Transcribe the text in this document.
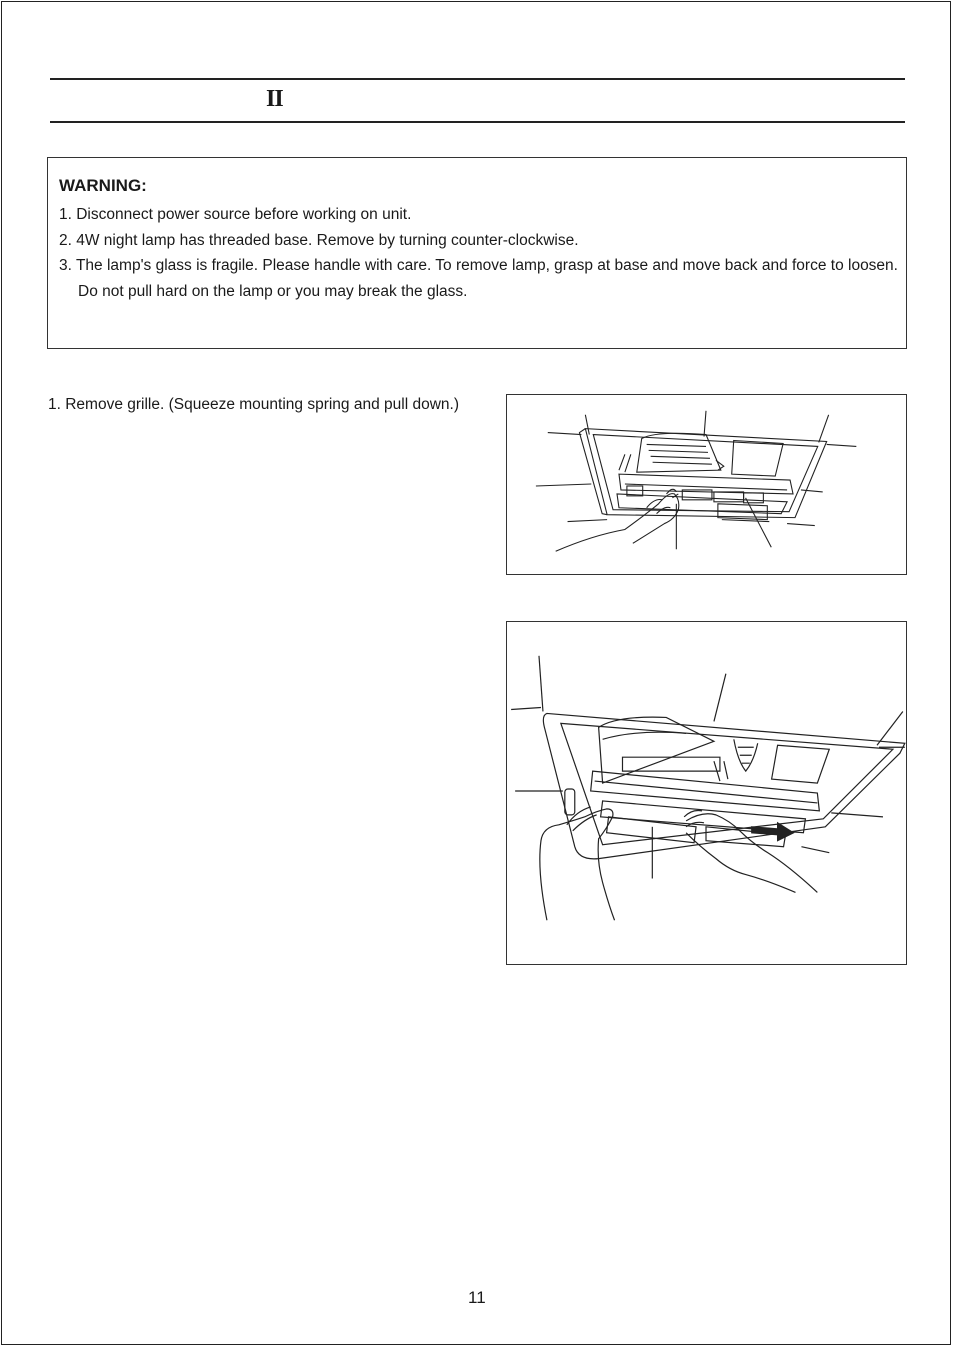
II
WARNING:
1. Disconnect power source before working on unit.
2. 4W night lamp has threaded base. Remove by turning counter-clockwise.
3. The lamp's glass is fragile. Please handle with care. To remove lamp, grasp at base and move back and force to loosen. Do not pull hard on the lamp or you may break the glass.
1. Remove grille. (Squeeze mounting spring and pull down.)
11
